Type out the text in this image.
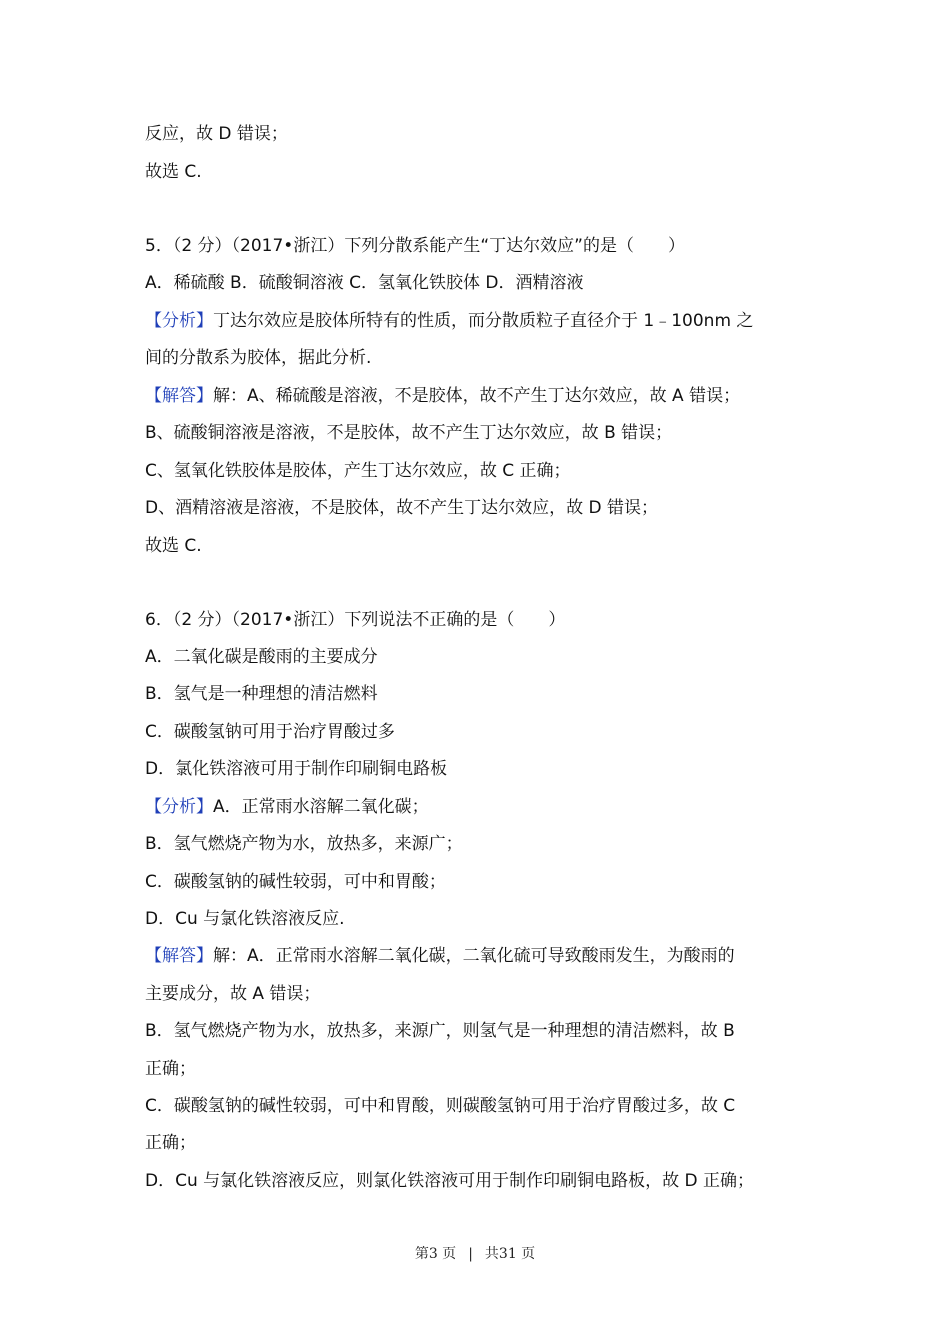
反应，故 D 错误；
故选 C.
5．（2 分）（2017•浙江）下列分散系能产生“丁达尔效应”的是（　　）
A．稀硫酸 B．硫酸铜溶液 C．氢氧化铁胶体 D．酒精溶液
【分析】丁达尔效应是胶体所特有的性质，而分散质粒子直径介于 1﹣100nm 之
间的分散系为胶体，据此分析.
【解答】解：A、稀硫酸是溶液，不是胶体，故不产生丁达尔效应，故 A 错误；
B、硫酸铜溶液是溶液，不是胶体，故不产生丁达尔效应，故 B 错误；
C、氢氧化铁胶体是胶体，产生丁达尔效应，故 C 正确；
D、酒精溶液是溶液，不是胶体，故不产生丁达尔效应，故 D 错误；
故选 C.
6．（2 分）（2017•浙江）下列说法不正确的是（　　）
A．二氧化碳是酸雨的主要成分
B．氢气是一种理想的清洁燃料
C．碳酸氢钠可用于治疗胃酸过多
D．氯化铁溶液可用于制作印刷铜电路板
【分析】A．正常雨水溶解二氧化碳；
B．氢气燃烧产物为水，放热多，来源广；
C．碳酸氢钠的碱性较弱，可中和胃酸；
D．Cu 与氯化铁溶液反应.
【解答】解：A．正常雨水溶解二氧化碳，二氧化硫可导致酸雨发生，为酸雨的
主要成分，故 A 错误；
B．氢气燃烧产物为水，放热多，来源广，则氢气是一种理想的清洁燃料，故 B
正确；
C．碳酸氢钠的碱性较弱，可中和胃酸，则碳酸氢钠可用于治疗胃酸过多，故 C
正确；
D．Cu 与氯化铁溶液反应，则氯化铁溶液可用于制作印刷铜电路板，故 D 正确；
第3 页 | 共31 页
